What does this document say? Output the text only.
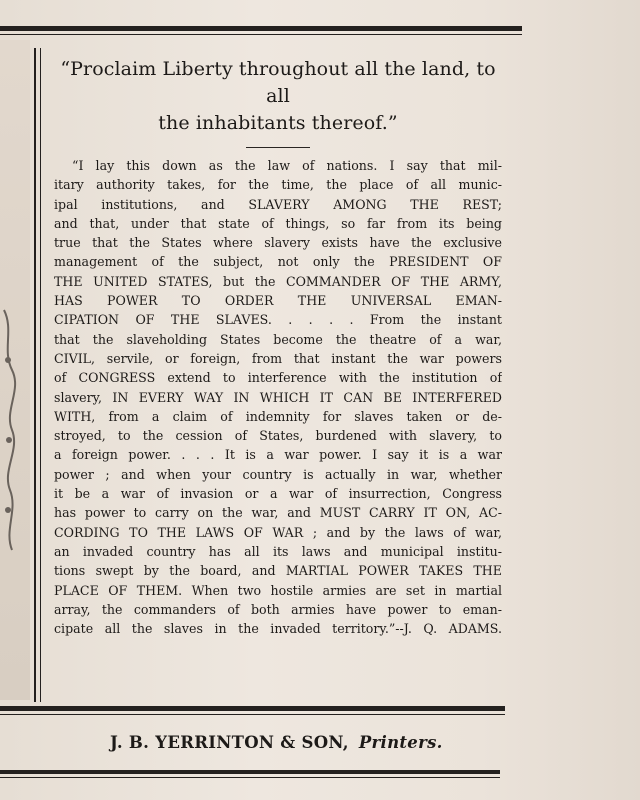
“Proclaim Liberty throughout all the land, to all
the inhabitants thereof.”
“I lay this down as the law of nations. I say that mil-
itary authority takes, for the time, the place of all munic-
ipal institutions, and SLAVERY AMONG THE REST;
and that, under that state of things, so far from its being
true that the States where slavery exists have the exclusive
management of the subject, not only the PRESIDENT OF
THE UNITED STATES, but the COMMANDER OF THE ARMY,
HAS POWER TO ORDER THE UNIVERSAL EMAN-
CIPATION OF THE SLAVES. . . . . From the instant
that the slaveholding States become the theatre of a war,
CIVIL, servile, or foreign, from that instant the war powers
of CONGRESS extend to interference with the institution of
slavery, IN EVERY WAY IN WHICH IT CAN BE INTERFERED
WITH, from a claim of indemnity for slaves taken or de-
stroyed, to the cession of States, burdened with slavery, to
a foreign power. . . . It is a war power. I say it is a war
power ; and when your country is actually in war, whether
it be a war of invasion or a war of insurrection, Congress
has power to carry on the war, and MUST CARRY IT ON, AC-
CORDING TO THE LAWS OF WAR ; and by the laws of war,
an invaded country has all its laws and municipal institu-
tions swept by the board, and MARTIAL POWER TAKES THE
PLACE OF THEM. When two hostile armies are set in martial
array, the commanders of both armies have power to eman-
cipate all the slaves in the invaded territory.”--J. Q. ADAMS.
J. B. YERRINTON & SON, Printers.
